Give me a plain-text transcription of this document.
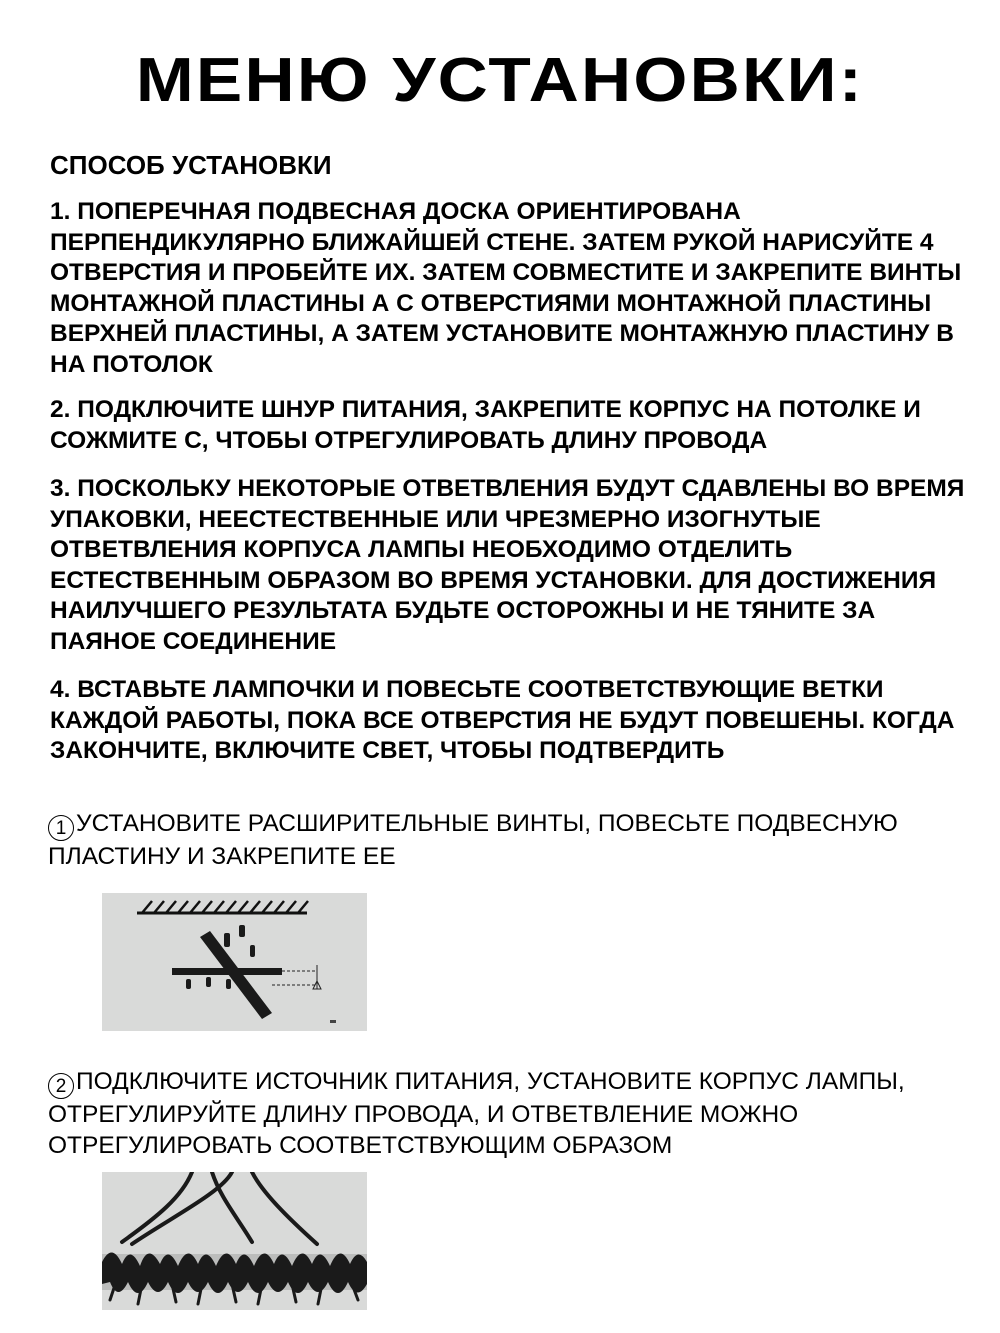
МЕНЮ УСТАНОВКИ:
СПОСОБ УСТАНОВКИ
1. ПОПЕРЕЧНАЯ ПОДВЕСНАЯ ДОСКА ОРИЕНТИРОВАНА ПЕРПЕНДИКУЛЯРНО БЛИЖАЙШЕЙ СТЕНЕ. ЗАТЕМ РУКОЙ НАРИСУЙТЕ 4 ОТВЕРСТИЯ И ПРОБЕЙТЕ ИХ. ЗАТЕМ СОВМЕСТИТЕ И ЗАКРЕПИТЕ ВИНТЫ МОНТАЖНОЙ ПЛАСТИНЫ А С ОТВЕРСТИЯМИ МОНТАЖНОЙ ПЛАСТИНЫ ВЕРХНЕЙ ПЛАСТИНЫ, А ЗАТЕМ УСТАНОВИТЕ МОНТАЖНУЮ ПЛАСТИНУ В НА ПОТОЛОК
2. ПОДКЛЮЧИТЕ ШНУР ПИТАНИЯ, ЗАКРЕПИТЕ КОРПУС НА ПОТОЛКЕ И СОЖМИТЕ С, ЧТОБЫ ОТРЕГУЛИРОВАТЬ ДЛИНУ ПРОВОДА
3. ПОСКОЛЬКУ НЕКОТОРЫЕ ОТВЕТВЛЕНИЯ БУДУТ СДАВЛЕНЫ ВО ВРЕМЯ УПАКОВКИ, НЕЕСТЕСТВЕННЫЕ ИЛИ ЧРЕЗМЕРНО ИЗОГНУТЫЕ ОТВЕТВЛЕНИЯ КОРПУСА ЛАМПЫ НЕОБХОДИМО ОТДЕЛИТЬ ЕСТЕСТВЕННЫМ ОБРАЗОМ ВО ВРЕМЯ УСТАНОВКИ. ДЛЯ ДОСТИЖЕНИЯ НАИЛУЧШЕГО РЕЗУЛЬТАТА БУДЬТЕ ОСТОРОЖНЫ И НЕ ТЯНИТЕ ЗА ПАЯНОЕ СОЕДИНЕНИЕ
4. ВСТАВЬТЕ ЛАМПОЧКИ И ПОВЕСЬТЕ СООТВЕТСТВУЮЩИЕ ВЕТКИ КАЖДОЙ РАБОТЫ, ПОКА ВСЕ ОТВЕРСТИЯ НЕ БУДУТ ПОВЕШЕНЫ. КОГДА ЗАКОНЧИТЕ, ВКЛЮЧИТЕ СВЕТ, ЧТОБЫ ПОДТВЕРДИТЬ
1 УСТАНОВИТЕ РАСШИРИТЕЛЬНЫЕ ВИНТЫ, ПОВЕСЬТЕ ПОДВЕСНУЮ ПЛАСТИНУ И ЗАКРЕПИТЕ ЕЕ
2 ПОДКЛЮЧИТЕ ИСТОЧНИК ПИТАНИЯ, УСТАНОВИТЕ КОРПУС ЛАМПЫ, ОТРЕГУЛИРУЙТЕ ДЛИНУ ПРОВОДА, И ОТВЕТВЛЕНИЕ МОЖНО ОТРЕГУЛИРОВАТЬ СООТВЕТСТВУЮЩИМ ОБРАЗОМ
